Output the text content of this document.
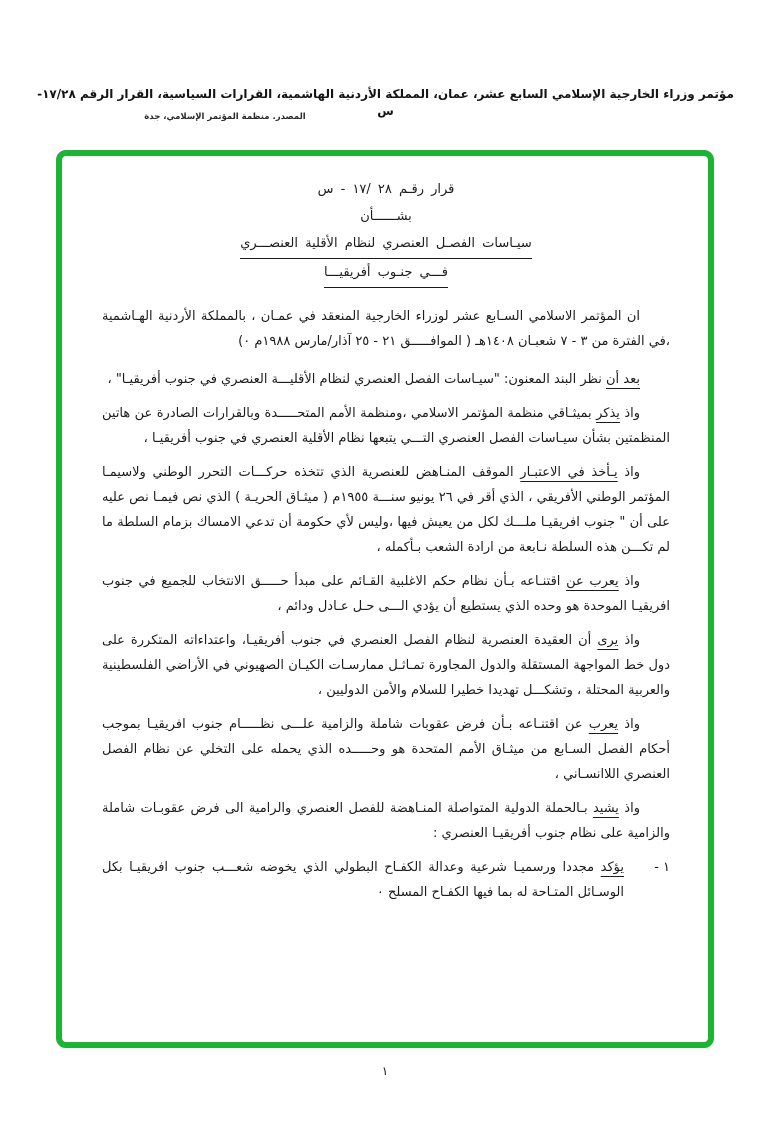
مؤتمر وزراء الخارجية الإسلامي السابع عشر، عمان، المملكة الأردنية الهاشمية، القرارات السياسية، القرار الرقم ١٧/٢٨-س
المصدر. منظمة المؤتمر الإسلامي، جدة
قرار رقـم ٢٨ /١٧ - س
بشــــــأن
سيـاسات الفصـل العنصري لنظام الأقلية العنصـــري
فـــي جنـوب أفريقيـــا

ان المؤتمر الاسلامي السـابع عشر لوزراء الخارجية المنعقد في عمـان ، بالمملكة الأردنية الهـاشمية ،في الفترة من ٣ - ٧ شعبـان ١٤٠٨هـ ( الموافـــــق ٢١ - ٢٥ آذار/مارس ١٩٨٨م ٠)

بعد أن نظر البند المعنون: "سيـاسات الفصل العنصري لنظام الأقليـــة العنصري في جنوب أفريقيـا" ،

واذ يذكر بميثـاقي منظمة المؤتمر الاسلامي ،ومنظمة الأمم المتحـــــدة وبالقرارات الصادرة عن هاتين المنظمتين بشأن سيـاسات الفصل العنصري التـــي يتبعها نظام الأقلية العنصري في جنوب أفريقيـا ،

واذ يـأخذ في الاعتبـار الموقف المنـاهض للعنصرية الذي تتخذه حركـــات التحرر الوطني ولاسيمـا المؤتمر الوطني الأفريقي ، الذي أقر في ٢٦ يونيو سنـــة ١٩٥٥م ( ميثـاق الحريـة ) الذي نص فيمـا نص عليه على أن " جنوب افريقيـا ملـــك لكل من يعيش فيها ،وليس لأي حكومة أن تدعي الامساك بزمام السلطة ما لم تكـــن هذه السلطة نـابعة من ارادة الشعب بـأكمله ،

واذ يعرب عن اقتنـاعه بـأن نظام حكم الاغلبية القـائم على مبدأ حـــــق الانتخاب للجميع في جنوب افريقيـا الموحدة هو وحده الذي يستطيع أن يؤدي الـــى حـل عـادل ودائم ،

واذ يرى أن العقيدة العنصرية لنظام الفصل العنصري في جنوب أفريقيـا، واعتداءاته المتكررة على دول خط المواجهة المستقلة والدول المجاورة تمـاثـل ممارسـات الكيـان الصهيوني في الأراضي الفلسطينية والعربية المحتلة ، وتشكـــل تهديدا خطيرا للسلام والأمن الدوليين ،

واذ يعرب عن اقتنـاعه بـأن فرض عقوبات شاملة والزامية علـــى نظـــــام جنوب افريقيـا بموجب أحكام الفصل السـابع من ميثـاق الأمم المتحدة هو وحـــــده الذي يحمله على التخلي عن نظام الفصل العنصري اللاانسـاني ،

واذ يشيد بـالحملة الدولية المتواصلة المنـاهضة للفصل العنصري والرامية الى فرض عقوبـات شاملة والزامية على نظام جنوب أفريقيـا العنصري :

١ -
يؤكد مجددا ورسميـا شرعية وعدالة الكفـاح البطولي الذي يخوضه شعـــب جنوب افريقيـا بكل الوسـائل المتـاحة له بما فيها الكفـاح المسلح ٠
١
